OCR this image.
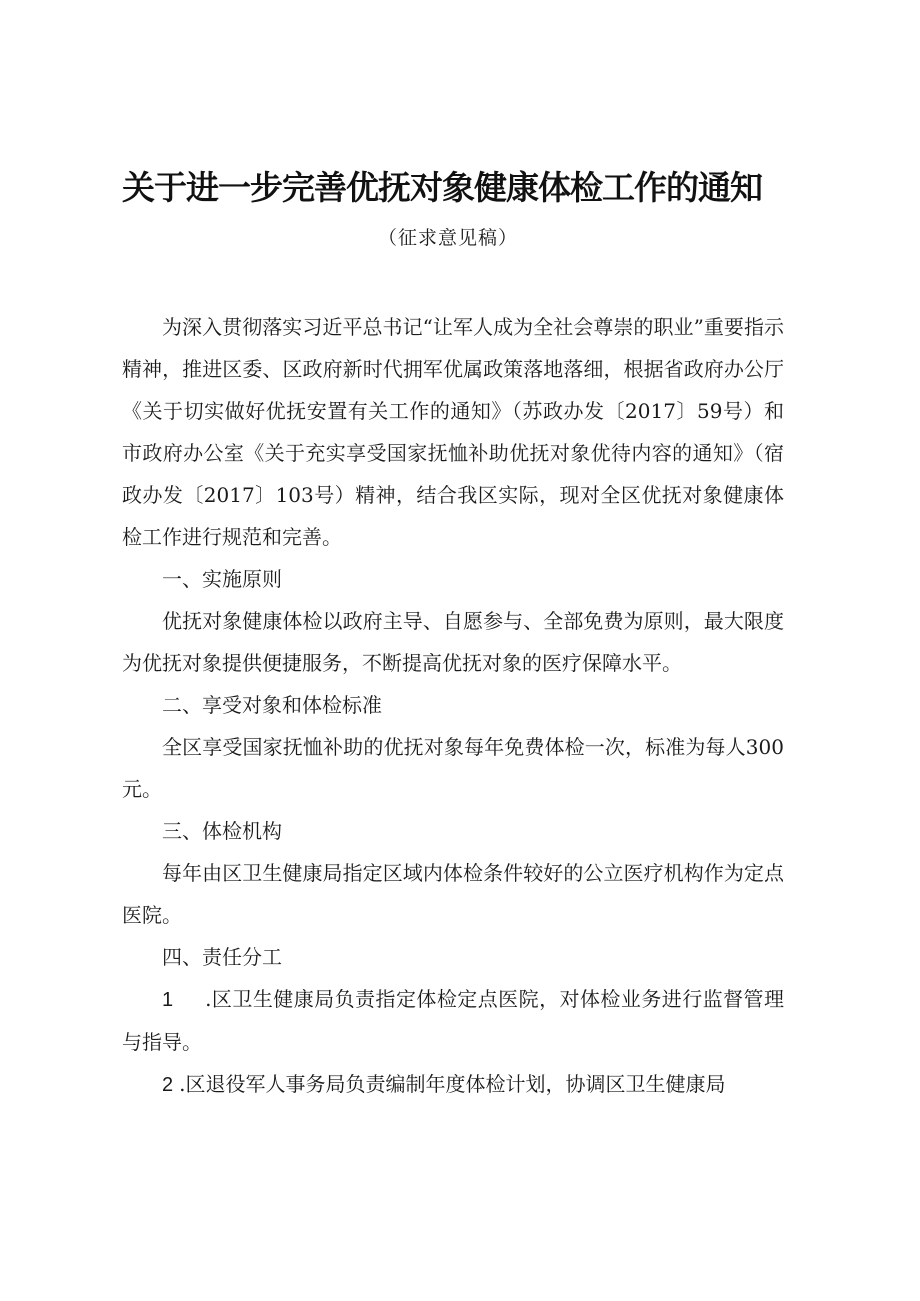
关于进一步完善优抚对象健康体检工作的通知
（征求意见稿）

为深入贯彻落实习近平总书记“让军人成为全社会尊崇的职业”重要指示精神，推进区委、区政府新时代拥军优属政策落地落细，根据省政府办公厅《关于切实做好优抚安置有关工作的通知》（苏政办发〔2017〕59号）和市政府办公室《关于充实享受国家抚恤补助优抚对象优待内容的通知》（宿政办发〔2017〕103号）精神，结合我区实际，现对全区优抚对象健康体检工作进行规范和完善。

一、实施原则

优抚对象健康体检以政府主导、自愿参与、全部免费为原则，最大限度为优抚对象提供便捷服务，不断提高优抚对象的医疗保障水平。

二、享受对象和体检标准

全区享受国家抚恤补助的优抚对象每年免费体检一次，标准为每人300元。

三、体检机构

每年由区卫生健康局指定区域内体检条件较好的公立医疗机构作为定点医院。

四、责任分工

1 .区卫生健康局负责指定体检定点医院，对体检业务进行监督管理与指导。

2 .区退役军人事务局负责编制年度体检计划，协调区卫生健康局
